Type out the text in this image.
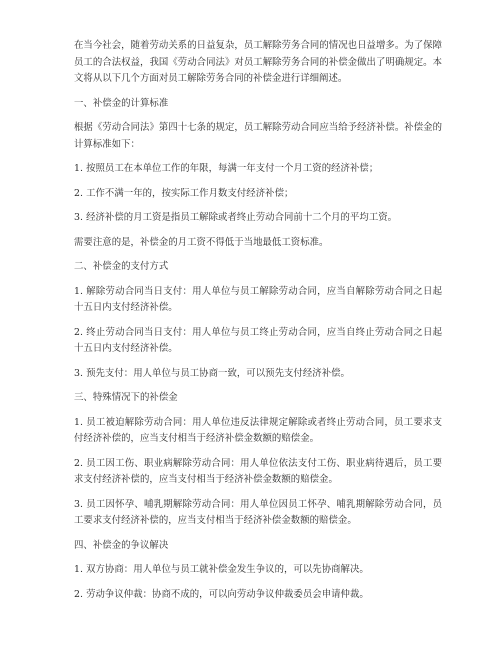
在当今社会，随着劳动关系的日益复杂，员工解除劳务合同的情况也日益增多。为了保障员工的合法权益，我国《劳动合同法》对员工解除劳务合同的补偿金做出了明确规定。本文将从以下几个方面对员工解除劳务合同的补偿金进行详细阐述。

一、补偿金的计算标准

根据《劳动合同法》第四十七条的规定，员工解除劳动合同应当给予经济补偿。补偿金的计算标准如下：

1. 按照员工在本单位工作的年限，每满一年支付一个月工资的经济补偿；

2. 工作不满一年的，按实际工作月数支付经济补偿；

3. 经济补偿的月工资是指员工解除或者终止劳动合同前十二个月的平均工资。

需要注意的是，补偿金的月工资不得低于当地最低工资标准。

二、补偿金的支付方式

1. 解除劳动合同当日支付：用人单位与员工解除劳动合同，应当自解除劳动合同之日起十五日内支付经济补偿。

2. 终止劳动合同当日支付：用人单位与员工终止劳动合同，应当自终止劳动合同之日起十五日内支付经济补偿。

3. 预先支付：用人单位与员工协商一致，可以预先支付经济补偿。

三、特殊情况下的补偿金

1. 员工被迫解除劳动合同：用人单位违反法律规定解除或者终止劳动合同，员工要求支付经济补偿的，应当支付相当于经济补偿金数额的赔偿金。

2. 员工因工伤、职业病解除劳动合同：用人单位依法支付工伤、职业病待遇后，员工要求支付经济补偿的，应当支付相当于经济补偿金数额的赔偿金。

3. 员工因怀孕、哺乳期解除劳动合同：用人单位因员工怀孕、哺乳期解除劳动合同，员工要求支付经济补偿的，应当支付相当于经济补偿金数额的赔偿金。

四、补偿金的争议解决

1. 双方协商：用人单位与员工就补偿金发生争议的，可以先协商解决。

2. 劳动争议仲裁：协商不成的，可以向劳动争议仲裁委员会申请仲裁。
